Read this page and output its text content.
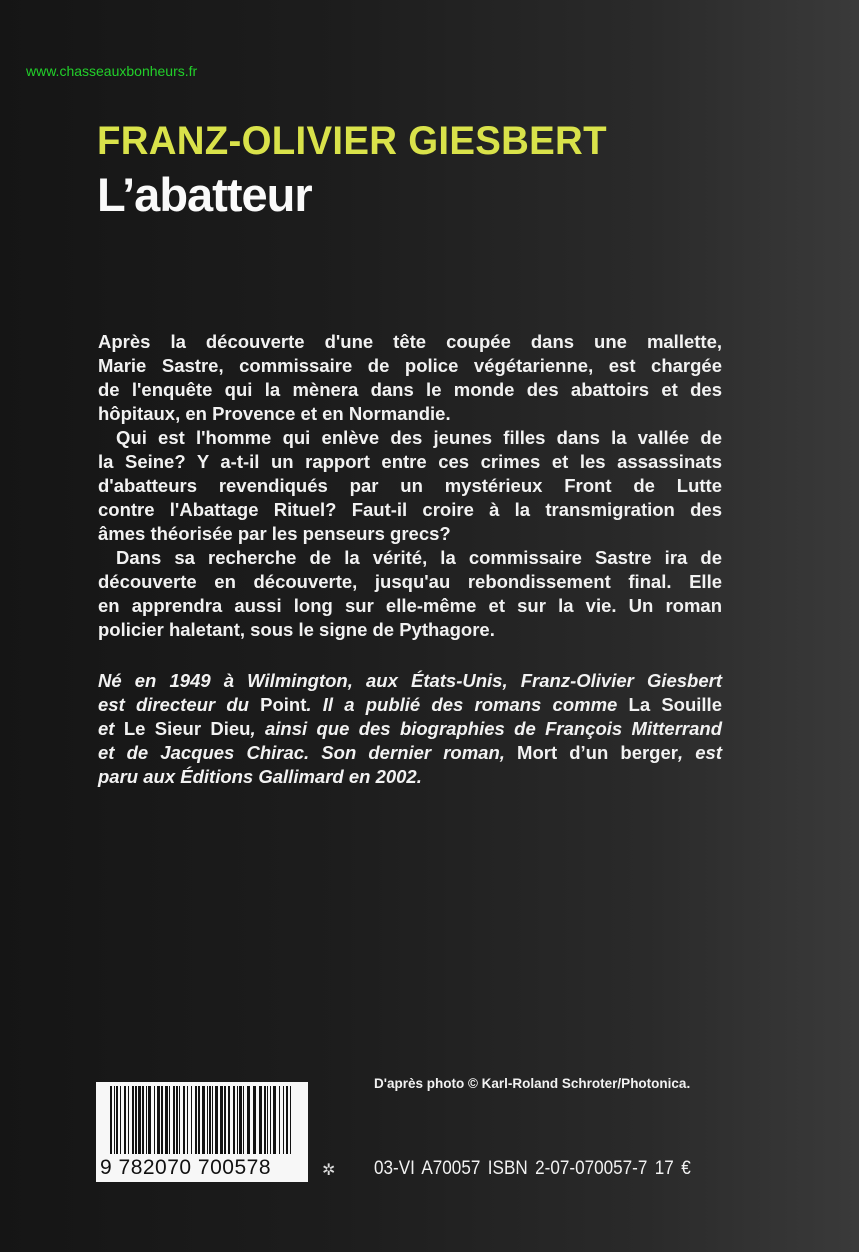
www.chasseauxbonheurs.fr
FRANZ-OLIVIER GIESBERT
L’abatteur
Après la découverte d'une tête coupée dans une mallette,
Marie Sastre, commissaire de police végétarienne, est chargée
de l'enquête qui la mènera dans le monde des abattoirs et des
hôpitaux, en Provence et en Normandie.
Qui est l'homme qui enlève des jeunes filles dans la vallée de
la Seine? Y a-t-il un rapport entre ces crimes et les assassinats
d'abatteurs revendiqués par un mystérieux Front de Lutte
contre l'Abattage Rituel? Faut-il croire à la transmigration des
âmes théorisée par les penseurs grecs?
Dans sa recherche de la vérité, la commissaire Sastre ira de
découverte en découverte, jusqu'au rebondissement final. Elle
en apprendra aussi long sur elle-même et sur la vie. Un roman
policier haletant, sous le signe de Pythagore.
Né en 1949 à Wilmington, aux États-Unis, Franz-Olivier Giesbert
est directeur du Point. Il a publié des romans comme La Souille
et Le Sieur Dieu, ainsi que des biographies de François Mitterrand
et de Jacques Chirac. Son dernier roman, Mort d’un berger, est
paru aux Éditions Gallimard en 2002.
D'après photo © Karl-Roland Schroter/Photonica.
9 782070 700578	✲ 03-VI A70057 ISBN 2-07-070057-7 17 €
